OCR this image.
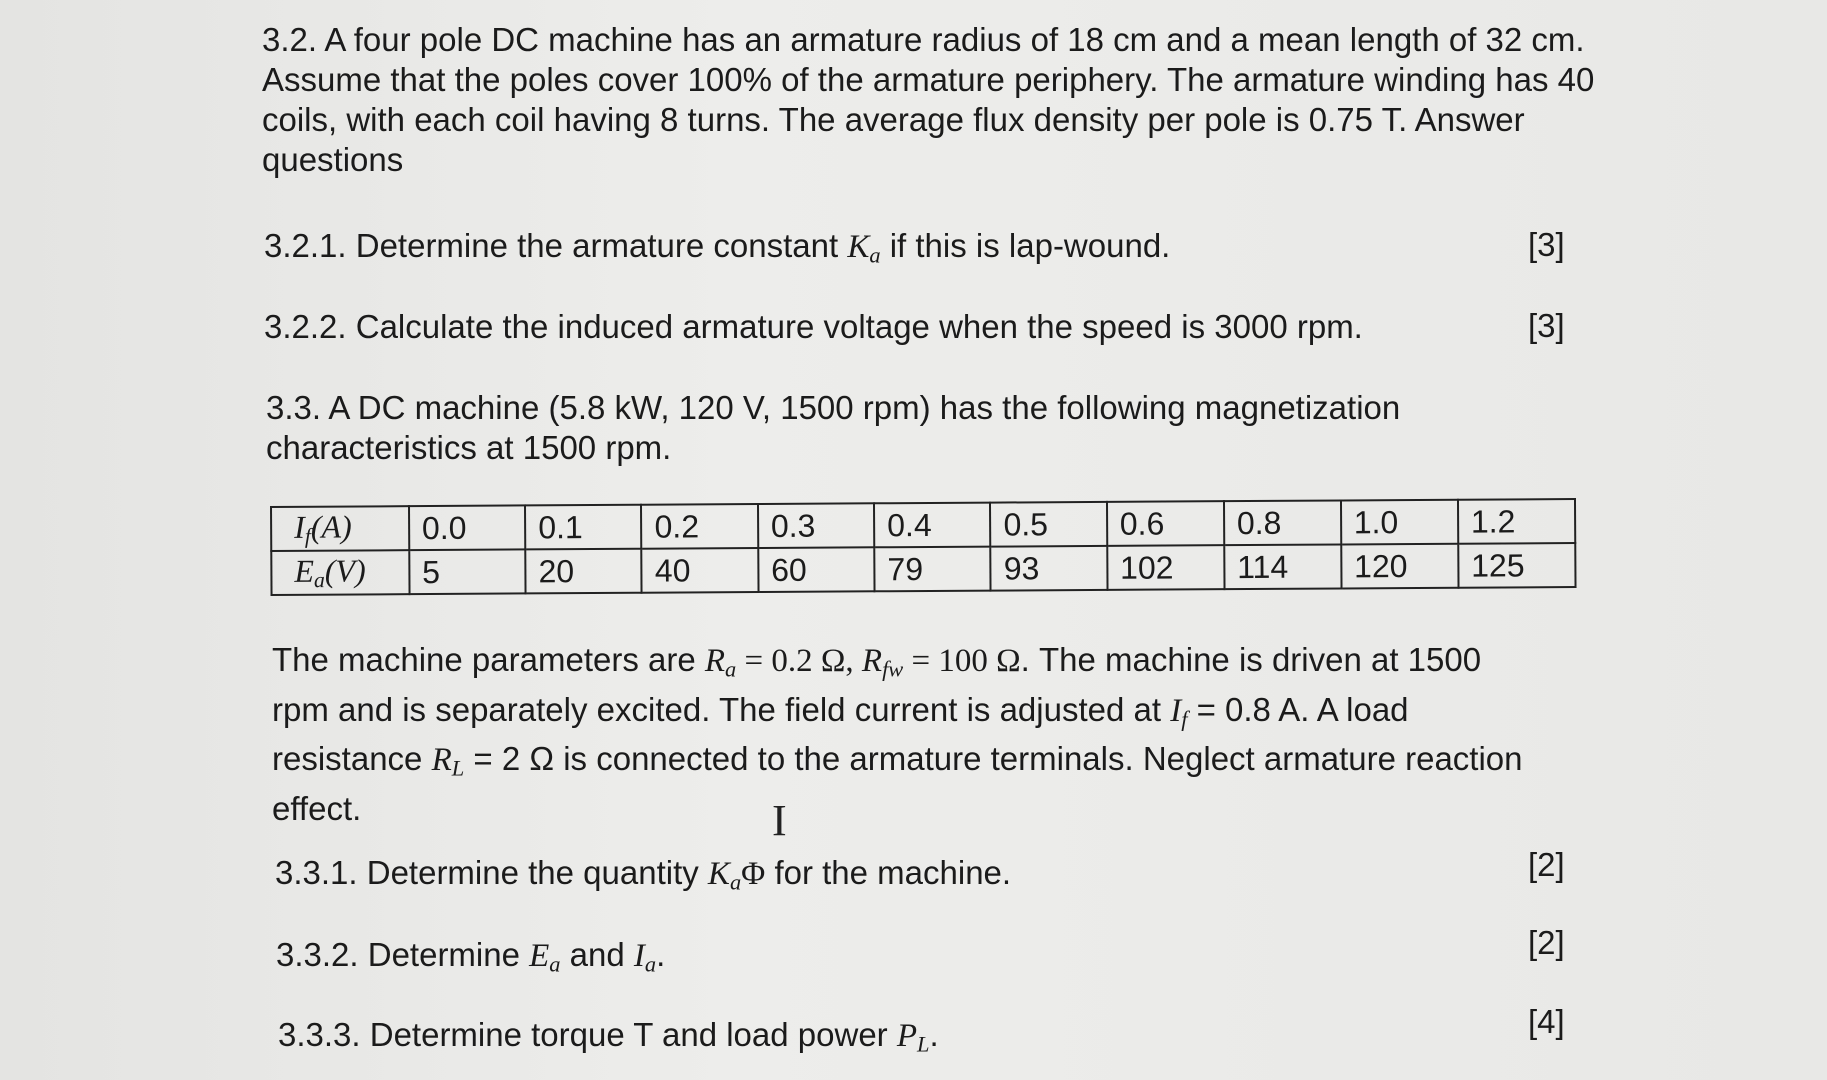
3.2. A four pole DC machine has an armature radius of 18 cm and a mean length of 32 cm. Assume that the poles cover 100% of the armature periphery. The armature winding has 40 coils, with each coil having 8 turns. The average flux density per pole is 0.75 T. Answer questions
3.2.1. Determine the armature constant $K_a$ if this is lap-wound.	[3]
3.2.2. Calculate the induced armature voltage when the speed is 3000 rpm.	[3]
3.3. A DC machine (5.8 kW, 120 V, 1500 rpm) has the following magnetization characteristics at 1500 rpm.
$I_f(A)$	0.0	0.1	0.2	0.3	0.4	0.5	0.6	0.8	1.0	1.2
$E_a(V)$	5	20	40	60	79	93	102	114	120	125
The machine parameters are $R_a = 0.2$ Ω, $R_{fw} = 100$ Ω. The machine is driven at 1500 rpm and is separately excited. The field current is adjusted at $I_f = 0.8$ A. A load resistance $R_L = 2$ Ω is connected to the armature terminals. Neglect armature reaction effect.	I
3.3.1. Determine the quantity $K_a\Phi$ for the machine.	[2]
3.3.2. Determine $E_a$ and $I_a$.	[2]
3.3.3. Determine torque T and load power $P_L$.	[4]
